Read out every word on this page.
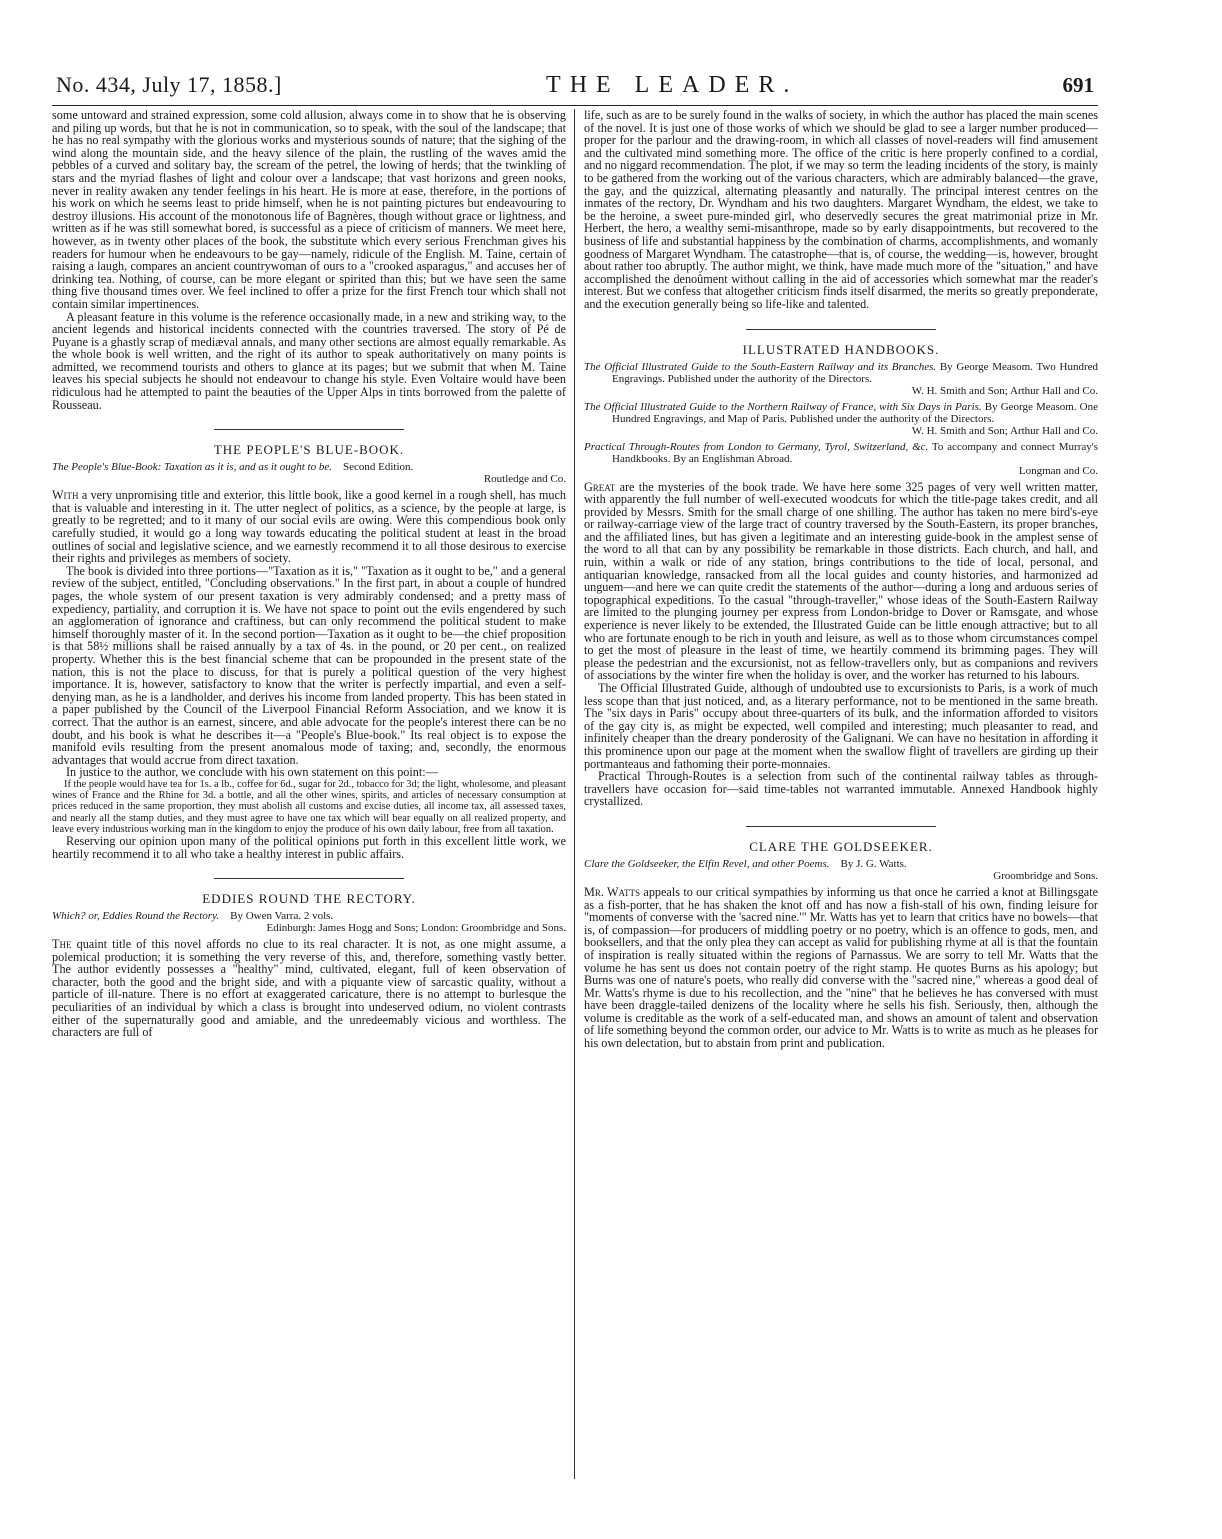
No. 434, July 17, 1858.]	THE LEADER.	691

some untoward and strained expression, some cold allusion, always come in to show that he is observing and piling up words, but that he is not in communication, so to speak, with the soul of the landscape; that he has no real sympathy with the glorious works and mysterious sounds of nature; that the sighing of the wind along the mountain side, and the heavy silence of the plain, the rustling of the waves amid the pebbles of a curved and solitary bay, the scream of the petrel, the lowing of herds; that the twinkling of stars and the myriad flashes of light and colour over a landscape; that vast horizons and green nooks, never in reality awaken any tender feelings in his heart. He is more at ease, therefore, in the portions of his work on which he seems least to pride himself, when he is not painting pictures but endeavouring to destroy illusions. His account of the monotonous life of Bagnères, though without grace or lightness, and written as if he was still somewhat bored, is successful as a piece of criticism of manners. We meet here, however, as in twenty other places of the book, the substitute which every serious Frenchman gives his readers for humour when he endeavours to be gay—namely, ridicule of the English. M. Taine, certain of raising a laugh, compares an ancient countrywoman of ours to a "crooked asparagus," and accuses her of drinking tea. Nothing, of course, can be more elegant or spirited than this; but we have seen the same thing five thousand times over. We feel inclined to offer a prize for the first French tour which shall not contain similar impertinences.

A pleasant feature in this volume is the reference occasionally made, in a new and striking way, to the ancient legends and historical incidents connected with the countries traversed. The story of Pé de Puyane is a ghastly scrap of mediæval annals, and many other sections are almost equally remarkable. As the whole book is well written, and the right of its author to speak authoritatively on many points is admitted, we recommend tourists and others to glance at its pages; but we submit that when M. Taine leaves his special subjects he should not endeavour to change his style. Even Voltaire would have been ridiculous had he attempted to paint the beauties of the Upper Alps in tints borrowed from the palette of Rousseau.

THE PEOPLE'S BLUE-BOOK.
The People's Blue-Book: Taxation as it is, and as it ought to be. Second Edition.
Routledge and Co.

With a very unpromising title and exterior, this little book, like a good kernel in a rough shell, has much that is valuable and interesting in it. The utter neglect of politics, as a science, by the people at large, is greatly to be regretted; and to it many of our social evils are owing. Were this compendious book only carefully studied, it would go a long way towards educating the political student at least in the broad outlines of social and legislative science, and we earnestly recommend it to all those desirous to exercise their rights and privileges as members of society.

The book is divided into three portions—"Taxation as it is," "Taxation as it ought to be," and a general review of the subject, entitled, "Concluding observations." In the first part, in about a couple of hundred pages, the whole system of our present taxation is very admirably condensed; and a pretty mass of expediency, partiality, and corruption it is. We have not space to point out the evils engendered by such an agglomeration of ignorance and craftiness, but can only recommend the political student to make himself thoroughly master of it. In the second portion—Taxation as it ought to be—the chief proposition is that 58½ millions shall be raised annually by a tax of 4s. in the pound, or 20 per cent., on realized property. Whether this is the best financial scheme that can be propounded in the present state of the nation, this is not the place to discuss, for that is purely a political question of the very highest importance. It is, however, satisfactory to know that the writer is perfectly impartial, and even a self-denying man, as he is a landholder, and derives his income from landed property. This has been stated in a paper published by the Council of the Liverpool Financial Reform Association, and we know it is correct. That the author is an earnest, sincere, and able advocate for the people's interest there can be no doubt, and his book is what he describes it—a "People's Blue-book." Its real object is to expose the manifold evils resulting from the present anomalous mode of taxing; and, secondly, the enormous advantages that would accrue from direct taxation.

In justice to the author, we conclude with his own statement on this point:—

If the people would have tea for 1s. a lb., coffee for 6d., sugar for 2d., tobacco for 3d; the light, wholesome, and pleasant wines of France and the Rhine for 3d. a bottle, and all the other wines, spirits, and articles of necessary consumption at prices reduced in the same proportion, they must abolish all customs and excise duties, all income tax, all assessed taxes, and nearly all the stamp duties, and they must agree to have one tax which will bear equally on all realized property, and leave every industrious working man in the kingdom to enjoy the produce of his own daily labour, free from all taxation.

Reserving our opinion upon many of the political opinions put forth in this excellent little work, we heartily recommend it to all who take a healthy interest in public affairs.

EDDIES ROUND THE RECTORY.
Which? or, Eddies Round the Rectory. By Owen Varra. 2 vols.
Edinburgh: James Hogg and Sons; London: Groombridge and Sons.

The quaint title of this novel affords no clue to its real character. It is not, as one might assume, a polemical production; it is something the very reverse of this, and, therefore, something vastly better. The author evidently possesses a "healthy" mind, cultivated, elegant, full of keen observation of character, both the good and the bright side, and with a piquante view of sarcastic quality, without a particle of ill-nature. There is no effort at exaggerated caricature, there is no attempt to burlesque the peculiarities of an individual by which a class is brought into undeserved odium, no violent contrasts either of the supernaturally good and amiable, and the unredeemably vicious and worthless. The characters are full of

life, such as are to be surely found in the walks of society, in which the author has placed the main scenes of the novel. It is just one of those works of which we should be glad to see a larger number produced—proper for the parlour and the drawing-room, in which all classes of novel-readers will find amusement and the cultivated mind something more. The office of the critic is here properly confined to a cordial, and no niggard recommendation. The plot, if we may so term the leading incidents of the story, is mainly to be gathered from the working out of the various characters, which are admirably balanced—the grave, the gay, and the quizzical, alternating pleasantly and naturally. The principal interest centres on the inmates of the rectory, Dr. Wyndham and his two daughters. Margaret Wyndham, the eldest, we take to be the heroine, a sweet pure-minded girl, who deservedly secures the great matrimonial prize in Mr. Herbert, the hero, a wealthy semi-misanthrope, made so by early disappointments, but recovered to the business of life and substantial happiness by the combination of charms, accomplishments, and womanly goodness of Margaret Wyndham. The catastrophe—that is, of course, the wedding—is, however, brought about rather too abruptly. The author might, we think, have made much more of the "situation," and have accomplished the denoûment without calling in the aid of accessories which somewhat mar the reader's interest. But we confess that altogether criticism finds itself disarmed, the merits so greatly preponderate, and the execution generally being so life-like and talented.

ILLUSTRATED HANDBOOKS.
The Official Illustrated Guide to the South-Eastern Railway and its Branches. By George Measom. Two Hundred Engravings. Published under the authority of the Directors.
W. H. Smith and Son; Arthur Hall and Co.
The Official Illustrated Guide to the Northern Railway of France, with Six Days in Paris. By George Measom. One Hundred Engravings, and Map of Paris. Published under the authority of the Directors.
W. H. Smith and Son; Arthur Hall and Co.
Practical Through-Routes from London to Germany, Tyrol, Switzerland, &c. To accompany and connect Murray's Handkbooks. By an Englishman Abroad.
Longman and Co.

Great are the mysteries of the book trade. We have here some 325 pages of very well written matter, with apparently the full number of well-executed woodcuts for which the title-page takes credit, and all provided by Messrs. Smith for the small charge of one shilling. The author has taken no mere bird's-eye or railway-carriage view of the large tract of country traversed by the South-Eastern, its proper branches, and the affiliated lines, but has given a legitimate and an interesting guide-book in the amplest sense of the word to all that can by any possibility be remarkable in those districts. Each church, and hall, and ruin, within a walk or ride of any station, brings contributions to the tide of local, personal, and antiquarian knowledge, ransacked from all the local guides and county histories, and harmonized ad unguem—and here we can quite credit the statements of the author—during a long and arduous series of topographical expeditions. To the casual "through-traveller," whose ideas of the South-Eastern Railway are limited to the plunging journey per express from London-bridge to Dover or Ramsgate, and whose experience is never likely to be extended, the Illustrated Guide can be little enough attractive; but to all who are fortunate enough to be rich in youth and leisure, as well as to those whom circumstances compel to get the most of pleasure in the least of time, we heartily commend its brimming pages. They will please the pedestrian and the excursionist, not as fellow-travellers only, but as companions and revivers of associations by the winter fire when the holiday is over, and the worker has returned to his labours.

The Official Illustrated Guide, although of undoubted use to excursionists to Paris, is a work of much less scope than that just noticed, and, as a literary performance, not to be mentioned in the same breath. The "six days in Paris" occupy about three-quarters of its bulk, and the information afforded to visitors of the gay city is, as might be expected, well compiled and interesting; much pleasanter to read, and infinitely cheaper than the dreary ponderosity of the Galignani. We can have no hesitation in affording it this prominence upon our page at the moment when the swallow flight of travellers are girding up their portmanteaus and fathoming their porte-monnaies.

Practical Through-Routes is a selection from such of the continental railway tables as through-travellers have occasion for—said time-tables not warranted immutable. Annexed Handbook highly crystallized.

CLARE THE GOLDSEEKER.
Clare the Goldseeker, the Elfin Revel, and other Poems. By J. G. Watts.
Groombridge and Sons.

Mr. Watts appeals to our critical sympathies by informing us that once he carried a knot at Billingsgate as a fish-porter, that he has shaken the knot off and has now a fish-stall of his own, finding leisure for "moments of converse with the 'sacred nine.'" Mr. Watts has yet to learn that critics have no bowels—that is, of compassion—for producers of middling poetry or no poetry, which is an offence to gods, men, and booksellers, and that the only plea they can accept as valid for publishing rhyme at all is that the fountain of inspiration is really situated within the regions of Parnassus. We are sorry to tell Mr. Watts that the volume he has sent us does not contain poetry of the right stamp. He quotes Burns as his apology; but Burns was one of nature's poets, who really did converse with the "sacred nine," whereas a good deal of Mr. Watts's rhyme is due to his recollection, and the "nine" that he believes he has conversed with must have been draggle-tailed denizens of the locality where he sells his fish. Seriously, then, although the volume is creditable as the work of a self-educated man, and shows an amount of talent and observation of life something beyond the common order, our advice to Mr. Watts is to write as much as he pleases for his own delectation, but to abstain from print and publication.
